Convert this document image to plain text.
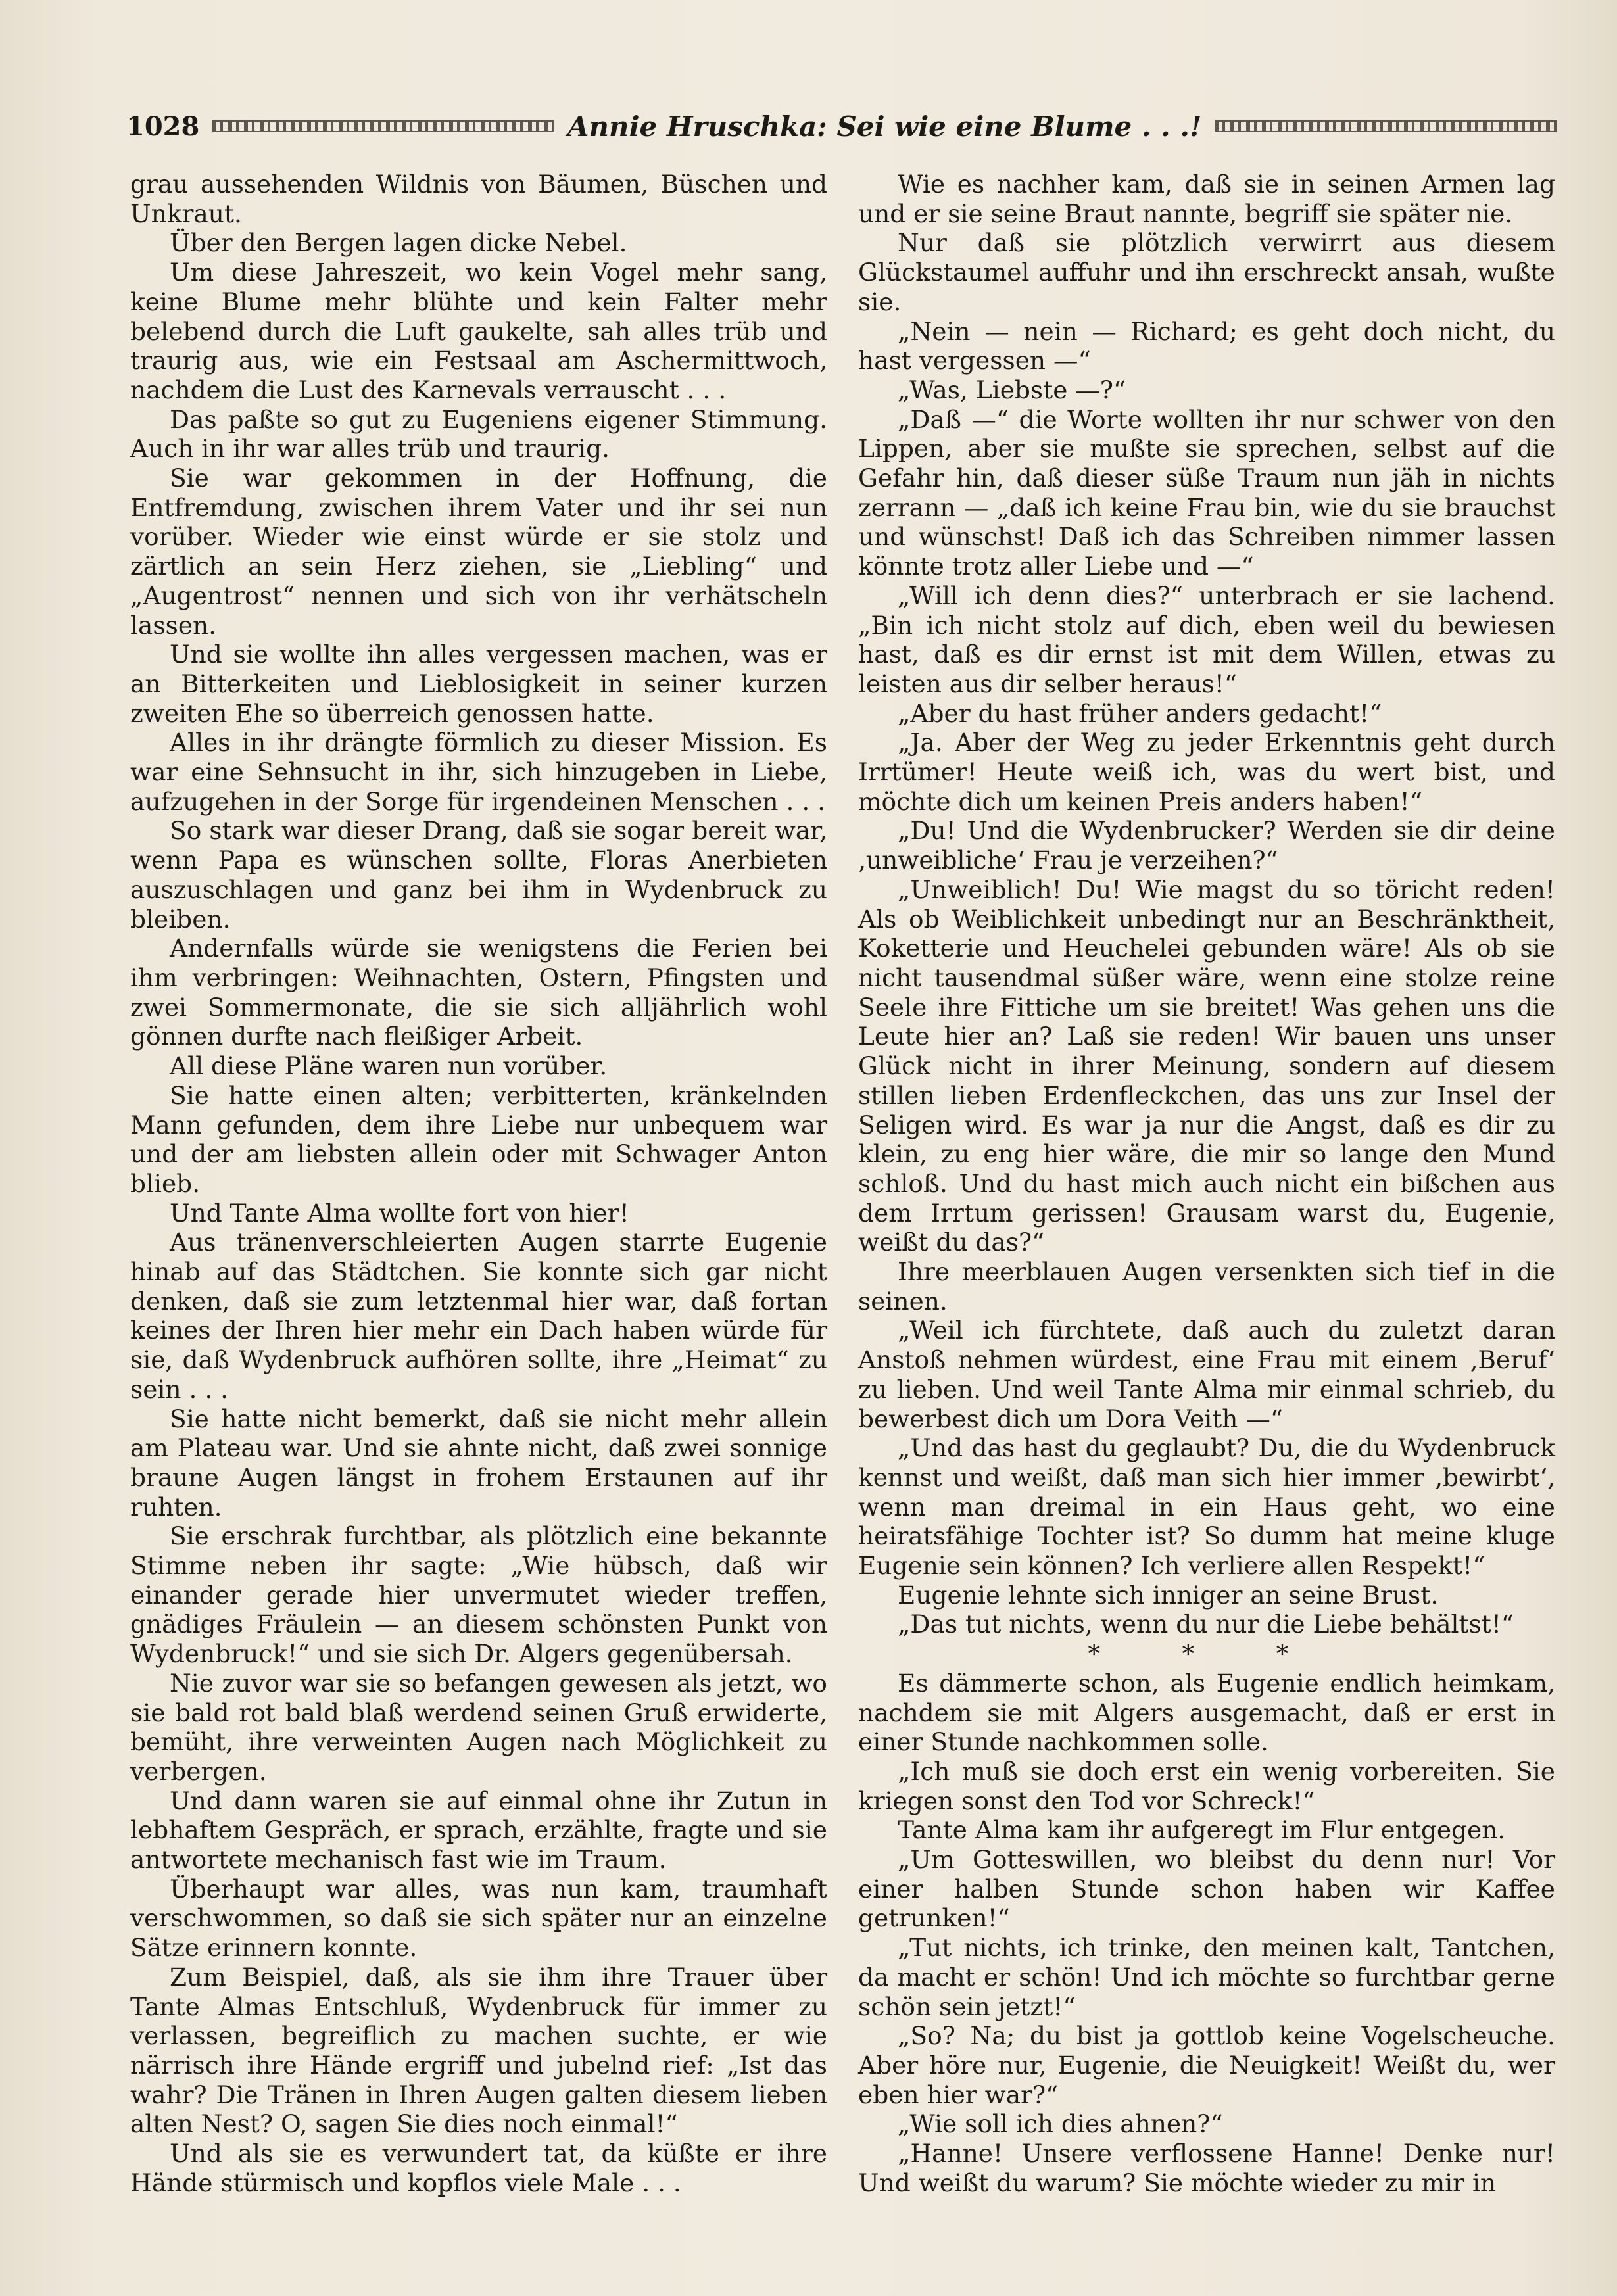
1028	Annie Hruschka: Sei wie eine Blume . . .!

grau aussehenden Wildnis von Bäumen, Büschen und Unkraut.

Über den Bergen lagen dicke Nebel.

Um diese Jahreszeit, wo kein Vogel mehr sang, keine Blume mehr blühte und kein Falter mehr belebend durch die Luft gaukelte, sah alles trüb und traurig aus, wie ein Festsaal am Aschermittwoch, nachdem die Lust des Karnevals verrauscht . . .

Das paßte so gut zu Eugeniens eigener Stimmung. Auch in ihr war alles trüb und traurig.

Sie war gekommen in der Hoffnung, die Entfremdung, zwischen ihrem Vater und ihr sei nun vorüber. Wieder wie einst würde er sie stolz und zärtlich an sein Herz ziehen, sie „Liebling“ und „Augentrost“ nennen und sich von ihr verhätscheln lassen.

Und sie wollte ihn alles vergessen machen, was er an Bitterkeiten und Lieblosigkeit in seiner kurzen zweiten Ehe so überreich genossen hatte.

Alles in ihr drängte förmlich zu dieser Mission. Es war eine Sehnsucht in ihr, sich hinzugeben in Liebe, aufzugehen in der Sorge für irgendeinen Menschen . . .

So stark war dieser Drang, daß sie sogar bereit war, wenn Papa es wünschen sollte, Floras Anerbieten auszuschlagen und ganz bei ihm in Wydenbruck zu bleiben.

Andernfalls würde sie wenigstens die Ferien bei ihm verbringen: Weihnachten, Ostern, Pfingsten und zwei Sommermonate, die sie sich alljährlich wohl gönnen durfte nach fleißiger Arbeit.

All diese Pläne waren nun vorüber.

Sie hatte einen alten; verbitterten, kränkelnden Mann gefunden, dem ihre Liebe nur unbequem war und der am liebsten allein oder mit Schwager Anton blieb.

Und Tante Alma wollte fort von hier!

Aus tränenverschleierten Augen starrte Eugenie hinab auf das Städtchen. Sie konnte sich gar nicht denken, daß sie zum letztenmal hier war, daß fortan keines der Ihren hier mehr ein Dach haben würde für sie, daß Wydenbruck aufhören sollte, ihre „Heimat“ zu sein . . .

Sie hatte nicht bemerkt, daß sie nicht mehr allein am Plateau war. Und sie ahnte nicht, daß zwei sonnige braune Augen längst in frohem Erstaunen auf ihr ruhten.

Sie erschrak furchtbar, als plötzlich eine bekannte Stimme neben ihr sagte: „Wie hübsch, daß wir einander gerade hier unvermutet wieder treffen, gnädiges Fräulein — an diesem schönsten Punkt von Wydenbruck!“ und sie sich Dr. Algers gegenübersah.

Nie zuvor war sie so befangen gewesen als jetzt, wo sie bald rot bald blaß werdend seinen Gruß erwiderte, bemüht, ihre verweinten Augen nach Möglichkeit zu verbergen.

Und dann waren sie auf einmal ohne ihr Zutun in lebhaftem Gespräch, er sprach, erzählte, fragte und sie antwortete mechanisch fast wie im Traum.

Überhaupt war alles, was nun kam, traumhaft verschwommen, so daß sie sich später nur an einzelne Sätze erinnern konnte.

Zum Beispiel, daß, als sie ihm ihre Trauer über Tante Almas Entschluß, Wydenbruck für immer zu verlassen, begreiflich zu machen suchte, er wie närrisch ihre Hände ergriff und jubelnd rief: „Ist das wahr? Die Tränen in Ihren Augen galten diesem lieben alten Nest? O, sagen Sie dies noch einmal!“

Und als sie es verwundert tat, da küßte er ihre Hände stürmisch und kopflos viele Male . . .

Wie es nachher kam, daß sie in seinen Armen lag und er sie seine Braut nannte, begriff sie später nie.

Nur daß sie plötzlich verwirrt aus diesem Glückstaumel auffuhr und ihn erschreckt ansah, wußte sie.

„Nein — nein — Richard; es geht doch nicht, du hast vergessen —“

„Was, Liebste —?“

„Daß —“ die Worte wollten ihr nur schwer von den Lippen, aber sie mußte sie sprechen, selbst auf die Gefahr hin, daß dieser süße Traum nun jäh in nichts zerrann — „daß ich keine Frau bin, wie du sie brauchst und wünschst! Daß ich das Schreiben nimmer lassen könnte trotz aller Liebe und —“

„Will ich denn dies?“ unterbrach er sie lachend. „Bin ich nicht stolz auf dich, eben weil du bewiesen hast, daß es dir ernst ist mit dem Willen, etwas zu leisten aus dir selber heraus!“

„Aber du hast früher anders gedacht!“

„Ja. Aber der Weg zu jeder Erkenntnis geht durch Irrtümer! Heute weiß ich, was du wert bist, und möchte dich um keinen Preis anders haben!“

„Du! Und die Wydenbrucker? Werden sie dir deine ‚unweibliche‘ Frau je verzeihen?“

„Unweiblich! Du! Wie magst du so töricht reden! Als ob Weiblichkeit unbedingt nur an Beschränktheit, Koketterie und Heuchelei gebunden wäre! Als ob sie nicht tausendmal süßer wäre, wenn eine stolze reine Seele ihre Fittiche um sie breitet! Was gehen uns die Leute hier an? Laß sie reden! Wir bauen uns unser Glück nicht in ihrer Meinung, sondern auf diesem stillen lieben Erdenfleckchen, das uns zur Insel der Seligen wird. Es war ja nur die Angst, daß es dir zu klein, zu eng hier wäre, die mir so lange den Mund schloß. Und du hast mich auch nicht ein bißchen aus dem Irrtum gerissen! Grausam warst du, Eugenie, weißt du das?“

Ihre meerblauen Augen versenkten sich tief in die seinen.

„Weil ich fürchtete, daß auch du zuletzt daran Anstoß nehmen würdest, eine Frau mit einem ‚Beruf‘ zu lieben. Und weil Tante Alma mir einmal schrieb, du bewerbest dich um Dora Veith —“

„Und das hast du geglaubt? Du, die du Wydenbruck kennst und weißt, daß man sich hier immer ‚bewirbt‘, wenn man dreimal in ein Haus geht, wo eine heiratsfähige Tochter ist? So dumm hat meine kluge Eugenie sein können? Ich verliere allen Respekt!“

Eugenie lehnte sich inniger an seine Brust.

„Das tut nichts, wenn du nur die Liebe behältst!“

* * *

Es dämmerte schon, als Eugenie endlich heimkam, nachdem sie mit Algers ausgemacht, daß er erst in einer Stunde nachkommen solle.

„Ich muß sie doch erst ein wenig vorbereiten. Sie kriegen sonst den Tod vor Schreck!“

Tante Alma kam ihr aufgeregt im Flur entgegen.

„Um Gotteswillen, wo bleibst du denn nur! Vor einer halben Stunde schon haben wir Kaffee getrunken!“

„Tut nichts, ich trinke, den meinen kalt, Tantchen, da macht er schön! Und ich möchte so furchtbar gerne schön sein jetzt!“

„So? Na; du bist ja gottlob keine Vogelscheuche. Aber höre nur, Eugenie, die Neuigkeit! Weißt du, wer eben hier war?“

„Wie soll ich dies ahnen?“

„Hanne! Unsere verflossene Hanne! Denke nur! Und weißt du warum? Sie möchte wieder zu mir in
